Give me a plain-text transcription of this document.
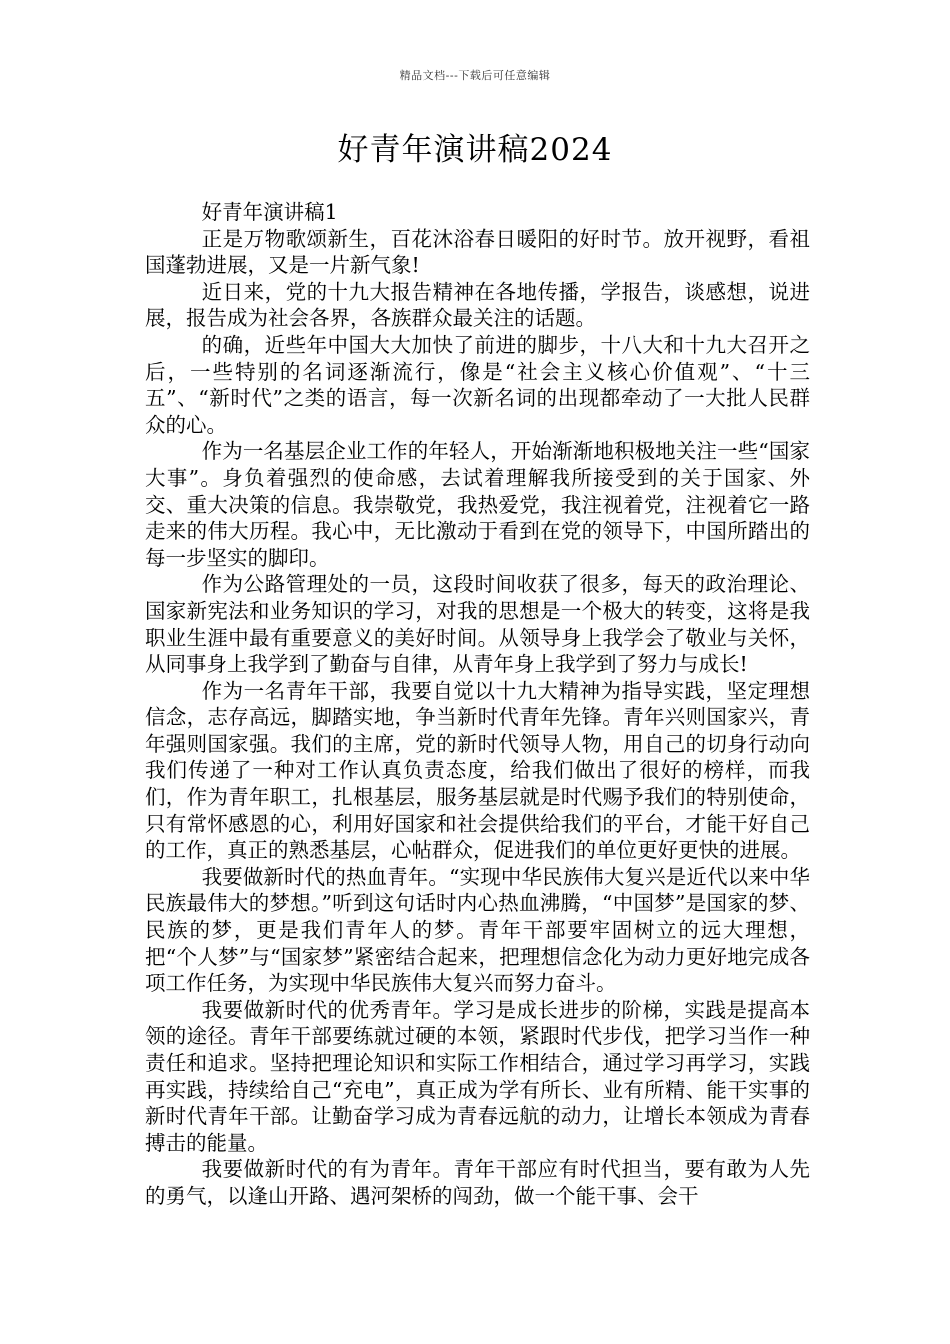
精品文档---下载后可任意编辑
好青年演讲稿2024

好青年演讲稿1

正是万物歌颂新生，百花沐浴春日暖阳的好时节。放开视野，看祖国蓬勃进展，又是一片新气象!

近日来，党的十九大报告精神在各地传播，学报告，谈感想，说进展，报告成为社会各界，各族群众最关注的话题。

的确，近些年中国大大加快了前进的脚步，十八大和十九大召开之后，一些特别的名词逐渐流行，像是“社会主义核心价值观”、“十三五”、“新时代”之类的语言，每一次新名词的出现都牵动了一大批人民群众的心。

作为一名基层企业工作的年轻人，开始渐渐地积极地关注一些“国家大事”。身负着强烈的使命感，去试着理解我所接受到的关于国家、外交、重大决策的信息。我崇敬党，我热爱党，我注视着党，注视着它一路走来的伟大历程。我心中，无比激动于看到在党的领导下，中国所踏出的每一步坚实的脚印。

作为公路管理处的一员，这段时间收获了很多，每天的政治理论、国家新宪法和业务知识的学习，对我的思想是一个极大的转变，这将是我职业生涯中最有重要意义的美好时间。从领导身上我学会了敬业与关怀，从同事身上我学到了勤奋与自律，从青年身上我学到了努力与成长!

作为一名青年干部，我要自觉以十九大精神为指导实践，坚定理想信念，志存高远，脚踏实地，争当新时代青年先锋。青年兴则国家兴，青年强则国家强。我们的主席，党的新时代领导人物，用自己的切身行动向我们传递了一种对工作认真负责态度，给我们做出了很好的榜样，而我们，作为青年职工，扎根基层，服务基层就是时代赐予我们的特别使命，只有常怀感恩的心，利用好国家和社会提供给我们的平台，才能干好自己的工作，真正的熟悉基层，心帖群众，促进我们的单位更好更快的进展。

我要做新时代的热血青年。“实现中华民族伟大复兴是近代以来中华民族最伟大的梦想。”听到这句话时内心热血沸腾，“中国梦”是国家的梦、民族的梦，更是我们青年人的梦。青年干部要牢固树立的远大理想，把“个人梦”与“国家梦”紧密结合起来，把理想信念化为动力更好地完成各项工作任务，为实现中华民族伟大复兴而努力奋斗。

我要做新时代的优秀青年。学习是成长进步的阶梯，实践是提高本领的途径。青年干部要练就过硬的本领，紧跟时代步伐，把学习当作一种责任和追求。坚持把理论知识和实际工作相结合，通过学习再学习，实践再实践，持续给自己“充电”，真正成为学有所长、业有所精、能干实事的新时代青年干部。让勤奋学习成为青春远航的动力，让增长本领成为青春搏击的能量。

我要做新时代的有为青年。青年干部应有时代担当，要有敢为人先的勇气，以逢山开路、遇河架桥的闯劲，做一个能干事、会干
